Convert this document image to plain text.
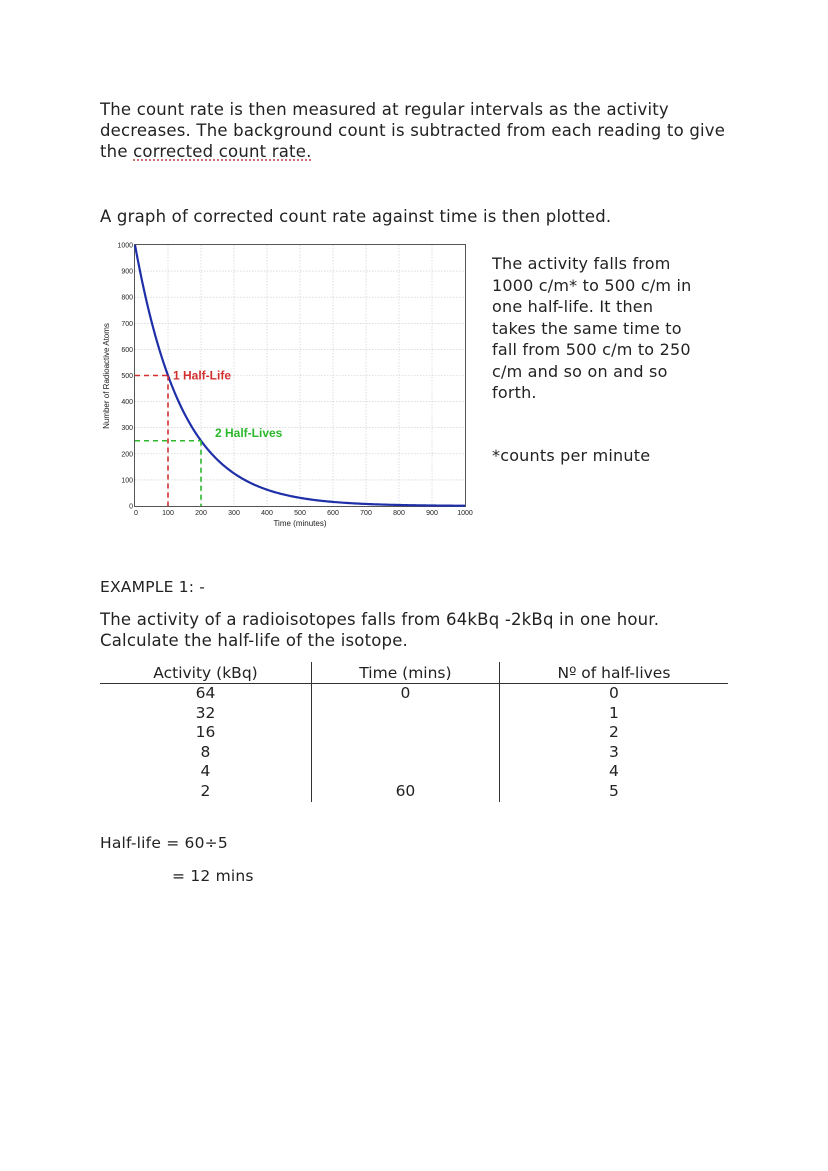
The count rate is then measured at regular intervals as the activity
decreases. The background count is subtracted from each reading to give
the corrected count rate.
A graph of corrected count rate against time is then plotted.
0	100	200	300	400	500	600	700	800	900	1000
0
100
200
300
400
500
600
700
800
900
1000
1 Half-Life
2 Half-Lives
Number of Radioactive Atoms
Time (minutes)
The activity falls from
1000 c/m* to 500 c/m in
one half-life. It then
takes the same time to
fall from 500 c/m to 250
c/m and so on and so
forth.
*counts per minute
EXAMPLE 1: -
The activity of a radioisotopes falls from 64kBq -2kBq in one hour.
Calculate the half-life of the isotope.
Activity (kBq)	Time (mins)	Nº of half-lives
64	0	0
32		1
16		2
8		3
4		4
2	60	5
Half-life = 60÷5
= 12 mins
